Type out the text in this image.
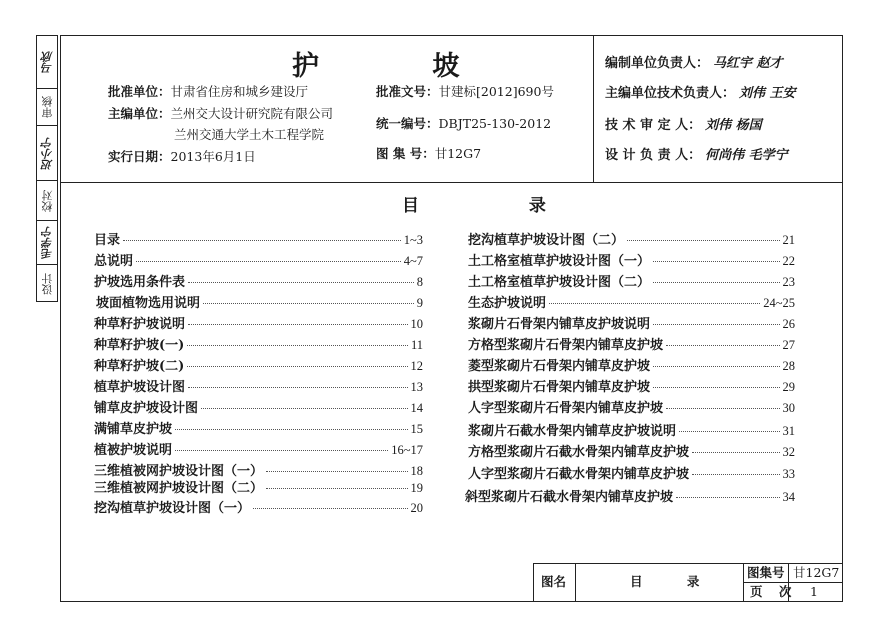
马欣
审核
迟小宁
校对
毛学宁
设计
护 坡
批准单位：甘肃省住房和城乡建设厅
主编单位：兰州交大设计研究院有限公司
兰州交通大学土木工程学院
实行日期：2013年6月1日
批准文号：甘建标[2012]690号
统一编号：DBJT25-130-2012
图 集 号：甘12G7
编制单位负责人： 马红宇 赵才
主编单位技术负责人： 刘伟 王安
技 术 审 定 人： 刘伟 杨国
设 计 负 责 人： 何尚伟 毛学宁
目 录
目录	1~3
总说明	4~7
护坡选用条件表	8
坡面植物选用说明	9
种草籽护坡说明	10
种草籽护坡(一)	11
种草籽护坡(二)	12
植草护坡设计图	13
铺草皮护坡设计图	14
满铺草皮护坡	15
植被护坡说明	16~17
三维植被网护坡设计图（一）	18
三维植被网护坡设计图（二）	19
挖沟植草护坡设计图（一）	20
挖沟植草护坡设计图（二）	21
土工格室植草护坡设计图（一）	22
土工格室植草护坡设计图（二）	23
生态护坡说明	24~25
浆砌片石骨架内铺草皮护坡说明	26
方格型浆砌片石骨架内铺草皮护坡	27
菱型浆砌片石骨架内铺草皮护坡	28
拱型浆砌片石骨架内铺草皮护坡	29
人字型浆砌片石骨架内铺草皮护坡	30
浆砌片石截水骨架内铺草皮护坡说明	31
方格型浆砌片石截水骨架内铺草皮护坡	32
人字型浆砌片石截水骨架内铺草皮护坡	33
斜型浆砌片石截水骨架内铺草皮护坡	34
图名	目 录
图集号 甘12G7
页 次 1
